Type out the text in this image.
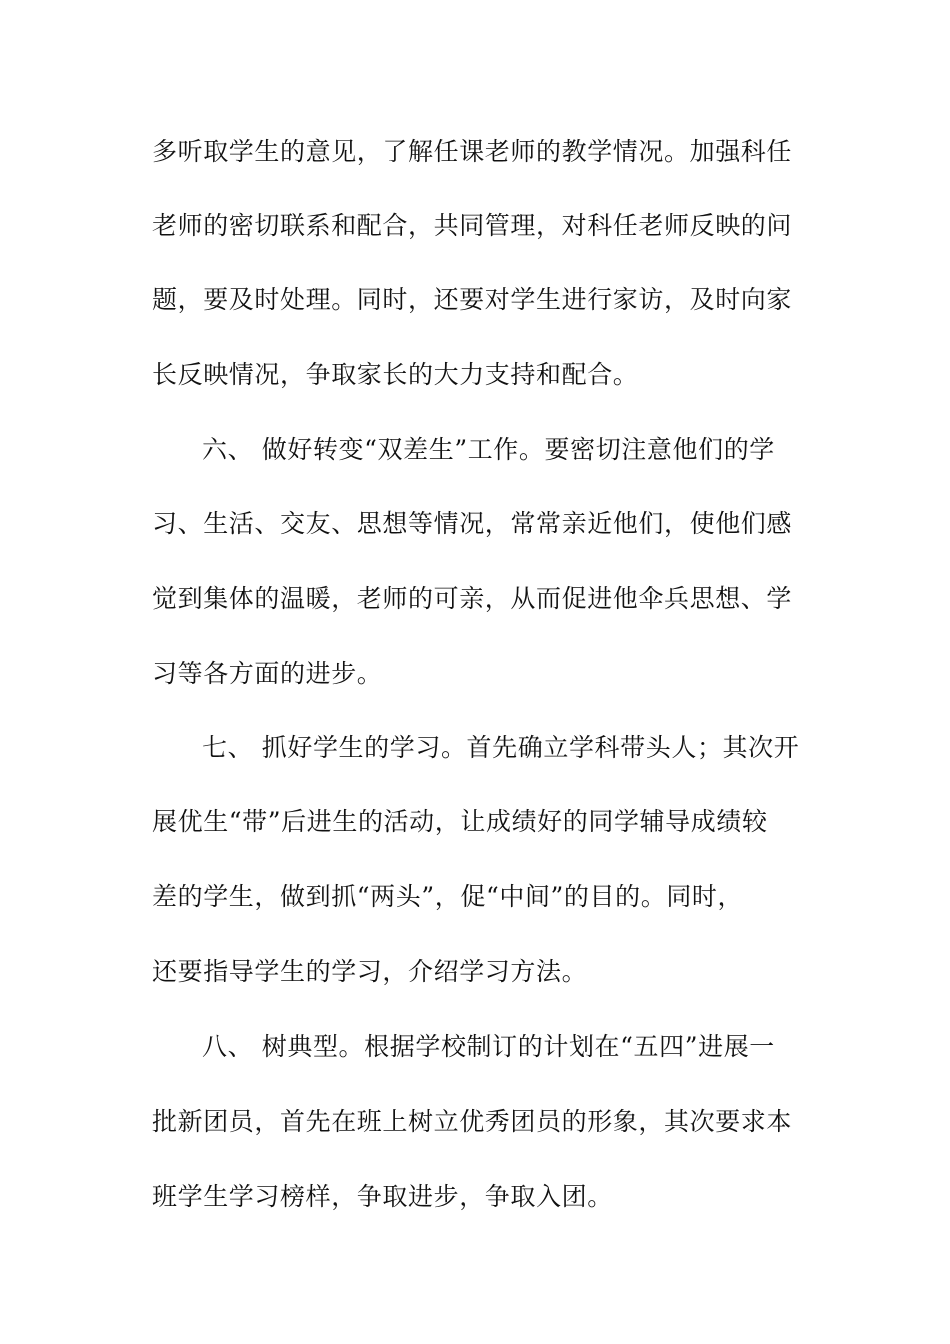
多听取学生的意见，了解任课老师的教学情况。加强科任
老师的密切联系和配合，共同管理，对科任老师反映的问
题，要及时处理。同时，还要对学生进行家访，及时向家
长反映情况，争取家长的大力支持和配合。
六、 做好转变“双差生”工作。要密切注意他们的学
习、生活、交友、思想等情况，常常亲近他们，使他们感
觉到集体的温暖，老师的可亲，从而促进他伞兵思想、学
习等各方面的进步。
七、 抓好学生的学习。首先确立学科带头人；其次开
展优生“带”后进生的活动，让成绩好的同学辅导成绩较
差的学生，做到抓“两头”，促“中间”的目的。同时，
还要指导学生的学习，介绍学习方法。
八、 树典型。根据学校制订的计划在“五四”进展一
批新团员，首先在班上树立优秀团员的形象，其次要求本
班学生学习榜样，争取进步，争取入团。
